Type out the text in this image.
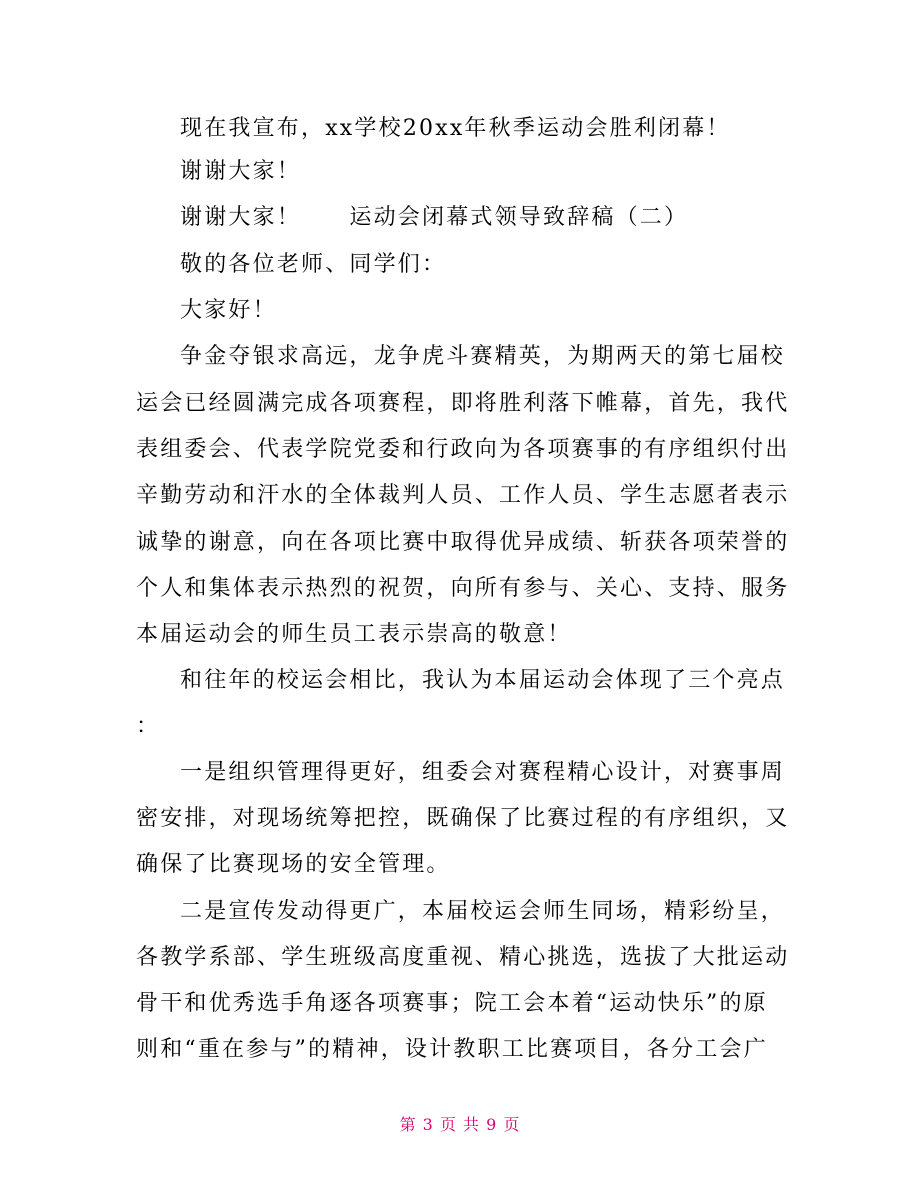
现在我宣布，xx学校20xx年秋季运动会胜利闭幕！
谢谢大家！
谢谢大家！　　运动会闭幕式领导致辞稿（二）
敬的各位老师、同学们：
大家好！
争金夺银求高远，龙争虎斗赛精英，为期两天的第七届校
运会已经圆满完成各项赛程，即将胜利落下帷幕，首先，我代
表组委会、代表学院党委和行政向为各项赛事的有序组织付出
辛勤劳动和汗水的全体裁判人员、工作人员、学生志愿者表示
诚挚的谢意，向在各项比赛中取得优异成绩、斩获各项荣誉的
个人和集体表示热烈的祝贺，向所有参与、关心、支持、服务
本届运动会的师生员工表示崇高的敬意！
和往年的校运会相比，我认为本届运动会体现了三个亮点
：
一是组织管理得更好，组委会对赛程精心设计，对赛事周
密安排，对现场统筹把控，既确保了比赛过程的有序组织，又
确保了比赛现场的安全管理。
二是宣传发动得更广，本届校运会师生同场，精彩纷呈，
各教学系部、学生班级高度重视、精心挑选，选拔了大批运动
骨干和优秀选手角逐各项赛事；院工会本着“运动快乐”的原
则和“重在参与”的精神，设计教职工比赛项目，各分工会广
第 3 页 共 9 页
